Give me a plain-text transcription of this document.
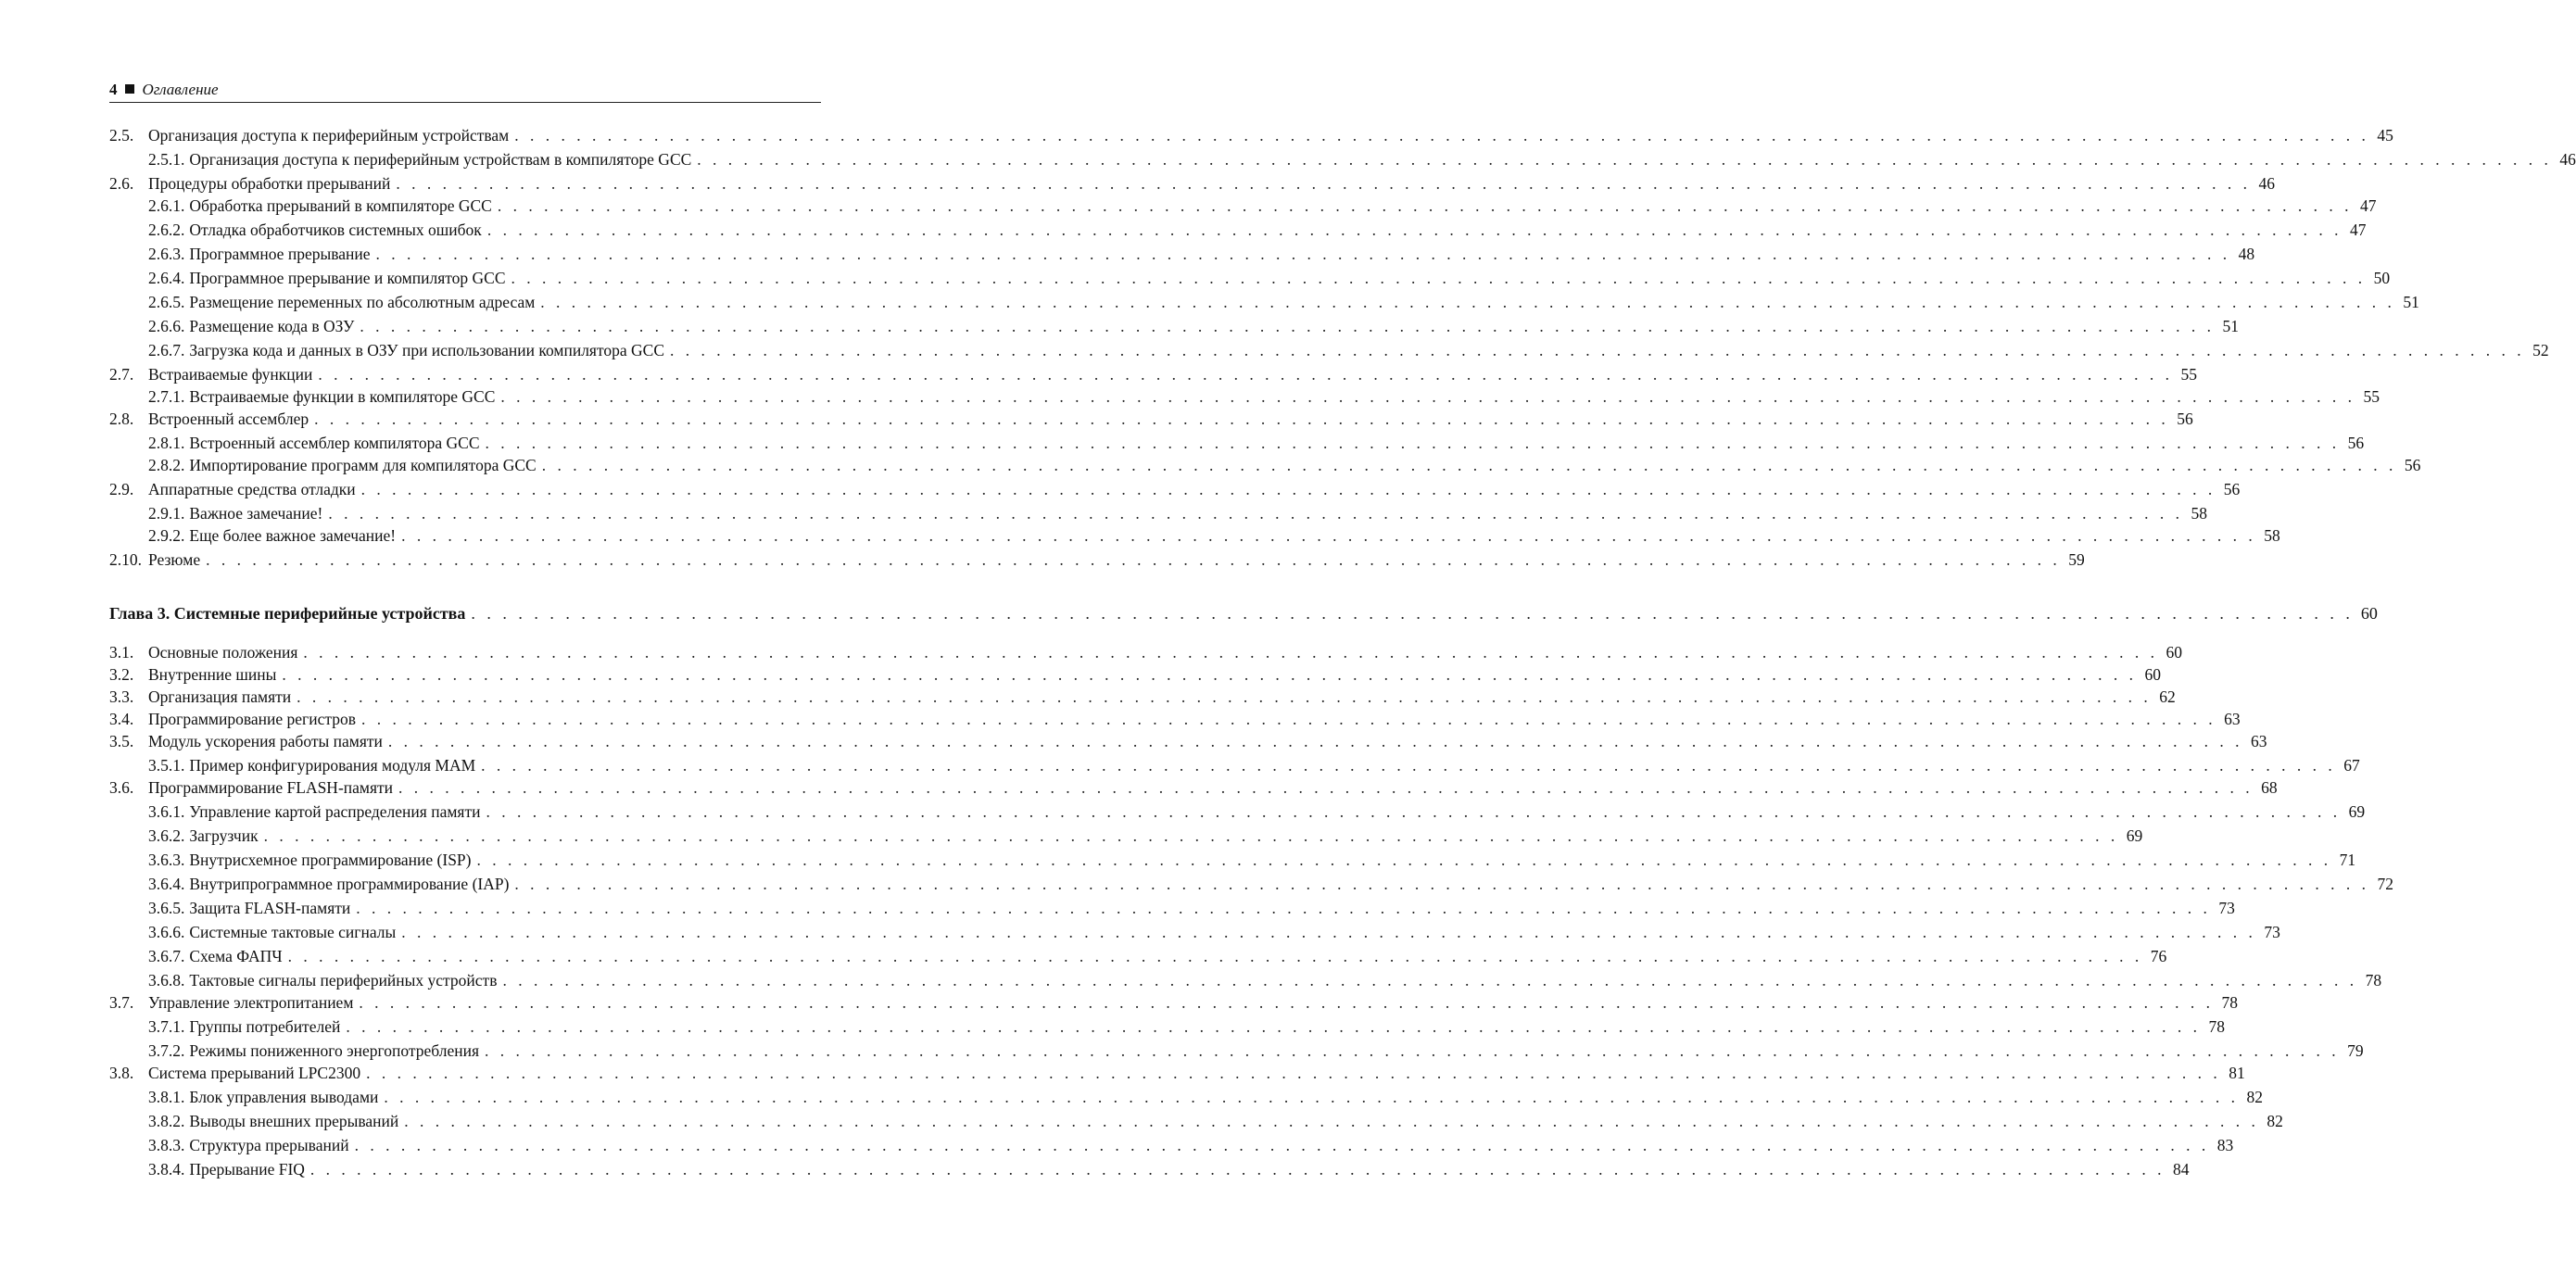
4 Оглавление
2.5. Организация доступа к периферийным устройствам . . . . . . . . . . . . . . . . . . . . . . . . . . . . . . . . . . . . . . . . . . . . . . . . . . . . . . . . . . . . . . . . . . . . . . . . . . . . . . . . . . . . . . . . . . . . . . . . . . . . . . . . . . . . . . . . . . . . . . . . 45
2.5.1. Организация доступа к периферийным устройствам в компиляторе GCC . . . . . . . . . . . . . . . . . . . . . . . . . . . . . . . . . . . . . . . . . . . . . . . . . . . . . . . . . . . . . . . . . . . . . . . . . . . . . . . . . . . . . . . . . . . . . . . . . . . . . . . . . . . . . . . . . . . . . . . . 46
2.6. Процедуры обработки прерываний . . . . . . . . . . . . . . . . . . . . . . . . . . . . . . . . . . . . . . . . . . . . . . . . . . . . . . . . . . . . . . . . . . . . . . . . . . . . . . . . . . . . . . . . . . . . . . . . . . . . . . . . . . . . . . . . . . . . . . . . 46
2.6.1. Обработка прерываний в компиляторе GCC . . . . . . . . . . . . . . . . . . . . . . . . . . . . . . . . . . . . . . . . . . . . . . . . . . . . . . . . . . . . . . . . . . . . . . . . . . . . . . . . . . . . . . . . . . . . . . . . . . . . . . . . . . . . . . . . . . . . . . . . 47
2.6.2. Отладка обработчиков системных ошибок . . . . . . . . . . . . . . . . . . . . . . . . . . . . . . . . . . . . . . . . . . . . . . . . . . . . . . . . . . . . . . . . . . . . . . . . . . . . . . . . . . . . . . . . . . . . . . . . . . . . . . . . . . . . . . . . . . . . . . . . 47
2.6.3. Программное прерывание . . . . . . . . . . . . . . . . . . . . . . . . . . . . . . . . . . . . . . . . . . . . . . . . . . . . . . . . . . . . . . . . . . . . . . . . . . . . . . . . . . . . . . . . . . . . . . . . . . . . . . . . . . . . . . . . . . . . . . . . 48
2.6.4. Программное прерывание и компилятор GCC . . . . . . . . . . . . . . . . . . . . . . . . . . . . . . . . . . . . . . . . . . . . . . . . . . . . . . . . . . . . . . . . . . . . . . . . . . . . . . . . . . . . . . . . . . . . . . . . . . . . . . . . . . . . . . . . . . . . . . . . 50
2.6.5. Размещение переменных по абсолютным адресам . . . . . . . . . . . . . . . . . . . . . . . . . . . . . . . . . . . . . . . . . . . . . . . . . . . . . . . . . . . . . . . . . . . . . . . . . . . . . . . . . . . . . . . . . . . . . . . . . . . . . . . . . . . . . . . . . . . . . . . . 51
2.6.6. Размещение кода в ОЗУ . . . . . . . . . . . . . . . . . . . . . . . . . . . . . . . . . . . . . . . . . . . . . . . . . . . . . . . . . . . . . . . . . . . . . . . . . . . . . . . . . . . . . . . . . . . . . . . . . . . . . . . . . . . . . . . . . . . . . . . . 51
2.6.7. Загрузка кода и данных в ОЗУ при использовании компилятора GCC . . . . . . . . . . . . . . . . . . . . . . . . . . . . . . . . . . . . . . . . . . . . . . . . . . . . . . . . . . . . . . . . . . . . . . . . . . . . . . . . . . . . . . . . . . . . . . . . . . . . . . . . . . . . . . . . . . . . . . . . 52
2.7. Встраиваемые функции . . . . . . . . . . . . . . . . . . . . . . . . . . . . . . . . . . . . . . . . . . . . . . . . . . . . . . . . . . . . . . . . . . . . . . . . . . . . . . . . . . . . . . . . . . . . . . . . . . . . . . . . . . . . . . . . . . . . . . . . 55
2.7.1. Встраиваемые функции в компиляторе GCC . . . . . . . . . . . . . . . . . . . . . . . . . . . . . . . . . . . . . . . . . . . . . . . . . . . . . . . . . . . . . . . . . . . . . . . . . . . . . . . . . . . . . . . . . . . . . . . . . . . . . . . . . . . . . . . . . . . . . . . . 55
2.8. Встроенный ассемблер . . . . . . . . . . . . . . . . . . . . . . . . . . . . . . . . . . . . . . . . . . . . . . . . . . . . . . . . . . . . . . . . . . . . . . . . . . . . . . . . . . . . . . . . . . . . . . . . . . . . . . . . . . . . . . . . . . . . . . . . 56
2.8.1. Встроенный ассемблер компилятора GCC . . . . . . . . . . . . . . . . . . . . . . . . . . . . . . . . . . . . . . . . . . . . . . . . . . . . . . . . . . . . . . . . . . . . . . . . . . . . . . . . . . . . . . . . . . . . . . . . . . . . . . . . . . . . . . . . . . . . . . . . 56
2.8.2. Импортирование программ для компилятора GCC . . . . . . . . . . . . . . . . . . . . . . . . . . . . . . . . . . . . . . . . . . . . . . . . . . . . . . . . . . . . . . . . . . . . . . . . . . . . . . . . . . . . . . . . . . . . . . . . . . . . . . . . . . . . . . . . . . . . . . . . 56
2.9. Аппаратные средства отладки . . . . . . . . . . . . . . . . . . . . . . . . . . . . . . . . . . . . . . . . . . . . . . . . . . . . . . . . . . . . . . . . . . . . . . . . . . . . . . . . . . . . . . . . . . . . . . . . . . . . . . . . . . . . . . . . . . . . . . . . 56
2.9.1. Важное замечание! . . . . . . . . . . . . . . . . . . . . . . . . . . . . . . . . . . . . . . . . . . . . . . . . . . . . . . . . . . . . . . . . . . . . . . . . . . . . . . . . . . . . . . . . . . . . . . . . . . . . . . . . . . . . . . . . . . . . . . . . 58
2.9.2. Еще более важное замечание! . . . . . . . . . . . . . . . . . . . . . . . . . . . . . . . . . . . . . . . . . . . . . . . . . . . . . . . . . . . . . . . . . . . . . . . . . . . . . . . . . . . . . . . . . . . . . . . . . . . . . . . . . . . . . . . . . . . . . . . . 58
2.10. Резюме . . . . . . . . . . . . . . . . . . . . . . . . . . . . . . . . . . . . . . . . . . . . . . . . . . . . . . . . . . . . . . . . . . . . . . . . . . . . . . . . . . . . . . . . . . . . . . . . . . . . . . . . . . . . . . . . . . . . . . . . 59
Глава 3. Системные периферийные устройства . . . . . . . . . . . . . . . . . . . . . . . . . . . . . . . . . . . . . . . . . . . . . . . . . . . . . . . . . . . . . . . . . . . . . . . . . . . . . . . . . . . . . . . . . . . . . . . . . . . . . . . . . . . . . . . . . . . . . . . . 60
3.1. Основные положения . . . . . . . . . . . . . . . . . . . . . . . . . . . . . . . . . . . . . . . . . . . . . . . . . . . . . . . . . . . . . . . . . . . . . . . . . . . . . . . . . . . . . . . . . . . . . . . . . . . . . . . . . . . . . . . . . . . . . . . . 60
3.2. Внутренние шины . . . . . . . . . . . . . . . . . . . . . . . . . . . . . . . . . . . . . . . . . . . . . . . . . . . . . . . . . . . . . . . . . . . . . . . . . . . . . . . . . . . . . . . . . . . . . . . . . . . . . . . . . . . . . . . . . . . . . . . . 60
3.3. Организация памяти . . . . . . . . . . . . . . . . . . . . . . . . . . . . . . . . . . . . . . . . . . . . . . . . . . . . . . . . . . . . . . . . . . . . . . . . . . . . . . . . . . . . . . . . . . . . . . . . . . . . . . . . . . . . . . . . . . . . . . . . 62
3.4. Программирование регистров . . . . . . . . . . . . . . . . . . . . . . . . . . . . . . . . . . . . . . . . . . . . . . . . . . . . . . . . . . . . . . . . . . . . . . . . . . . . . . . . . . . . . . . . . . . . . . . . . . . . . . . . . . . . . . . . . . . . . . . . 63
3.5. Модуль ускорения работы памяти . . . . . . . . . . . . . . . . . . . . . . . . . . . . . . . . . . . . . . . . . . . . . . . . . . . . . . . . . . . . . . . . . . . . . . . . . . . . . . . . . . . . . . . . . . . . . . . . . . . . . . . . . . . . . . . . . . . . . . . . 63
3.5.1. Пример конфигурирования модуля МАМ . . . . . . . . . . . . . . . . . . . . . . . . . . . . . . . . . . . . . . . . . . . . . . . . . . . . . . . . . . . . . . . . . . . . . . . . . . . . . . . . . . . . . . . . . . . . . . . . . . . . . . . . . . . . . . . . . . . . . . . . 67
3.6. Программирование FLASH-памяти . . . . . . . . . . . . . . . . . . . . . . . . . . . . . . . . . . . . . . . . . . . . . . . . . . . . . . . . . . . . . . . . . . . . . . . . . . . . . . . . . . . . . . . . . . . . . . . . . . . . . . . . . . . . . . . . . . . . . . . . 68
3.6.1. Управление картой распределения памяти . . . . . . . . . . . . . . . . . . . . . . . . . . . . . . . . . . . . . . . . . . . . . . . . . . . . . . . . . . . . . . . . . . . . . . . . . . . . . . . . . . . . . . . . . . . . . . . . . . . . . . . . . . . . . . . . . . . . . . . . 69
3.6.2. Загрузчик . . . . . . . . . . . . . . . . . . . . . . . . . . . . . . . . . . . . . . . . . . . . . . . . . . . . . . . . . . . . . . . . . . . . . . . . . . . . . . . . . . . . . . . . . . . . . . . . . . . . . . . . . . . . . . . . . . . . . . . . 69
3.6.3. Внутрисхемное программирование (ISP) . . . . . . . . . . . . . . . . . . . . . . . . . . . . . . . . . . . . . . . . . . . . . . . . . . . . . . . . . . . . . . . . . . . . . . . . . . . . . . . . . . . . . . . . . . . . . . . . . . . . . . . . . . . . . . . . . . . . . . . . 71
3.6.4. Внутрипрограммное программирование (IAP) . . . . . . . . . . . . . . . . . . . . . . . . . . . . . . . . . . . . . . . . . . . . . . . . . . . . . . . . . . . . . . . . . . . . . . . . . . . . . . . . . . . . . . . . . . . . . . . . . . . . . . . . . . . . . . . . . . . . . . . . 72
3.6.5. Защита FLASH-памяти . . . . . . . . . . . . . . . . . . . . . . . . . . . . . . . . . . . . . . . . . . . . . . . . . . . . . . . . . . . . . . . . . . . . . . . . . . . . . . . . . . . . . . . . . . . . . . . . . . . . . . . . . . . . . . . . . . . . . . . . 73
3.6.6. Системные тактовые сигналы . . . . . . . . . . . . . . . . . . . . . . . . . . . . . . . . . . . . . . . . . . . . . . . . . . . . . . . . . . . . . . . . . . . . . . . . . . . . . . . . . . . . . . . . . . . . . . . . . . . . . . . . . . . . . . . . . . . . . . . . 73
3.6.7. Схема ФАПЧ . . . . . . . . . . . . . . . . . . . . . . . . . . . . . . . . . . . . . . . . . . . . . . . . . . . . . . . . . . . . . . . . . . . . . . . . . . . . . . . . . . . . . . . . . . . . . . . . . . . . . . . . . . . . . . . . . . . . . . . . 76
3.6.8. Тактовые сигналы периферийных устройств . . . . . . . . . . . . . . . . . . . . . . . . . . . . . . . . . . . . . . . . . . . . . . . . . . . . . . . . . . . . . . . . . . . . . . . . . . . . . . . . . . . . . . . . . . . . . . . . . . . . . . . . . . . . . . . . . . . . . . . . 78
3.7. Управление электропитанием . . . . . . . . . . . . . . . . . . . . . . . . . . . . . . . . . . . . . . . . . . . . . . . . . . . . . . . . . . . . . . . . . . . . . . . . . . . . . . . . . . . . . . . . . . . . . . . . . . . . . . . . . . . . . . . . . . . . . . . . 78
3.7.1. Группы потребителей . . . . . . . . . . . . . . . . . . . . . . . . . . . . . . . . . . . . . . . . . . . . . . . . . . . . . . . . . . . . . . . . . . . . . . . . . . . . . . . . . . . . . . . . . . . . . . . . . . . . . . . . . . . . . . . . . . . . . . . . 78
3.7.2. Режимы пониженного энергопотребления . . . . . . . . . . . . . . . . . . . . . . . . . . . . . . . . . . . . . . . . . . . . . . . . . . . . . . . . . . . . . . . . . . . . . . . . . . . . . . . . . . . . . . . . . . . . . . . . . . . . . . . . . . . . . . . . . . . . . . . . 79
3.8. Система прерываний LPC2300 . . . . . . . . . . . . . . . . . . . . . . . . . . . . . . . . . . . . . . . . . . . . . . . . . . . . . . . . . . . . . . . . . . . . . . . . . . . . . . . . . . . . . . . . . . . . . . . . . . . . . . . . . . . . . . . . . . . . . . . . 81
3.8.1. Блок управления выводами . . . . . . . . . . . . . . . . . . . . . . . . . . . . . . . . . . . . . . . . . . . . . . . . . . . . . . . . . . . . . . . . . . . . . . . . . . . . . . . . . . . . . . . . . . . . . . . . . . . . . . . . . . . . . . . . . . . . . . . . 82
3.8.2. Выводы внешних прерываний . . . . . . . . . . . . . . . . . . . . . . . . . . . . . . . . . . . . . . . . . . . . . . . . . . . . . . . . . . . . . . . . . . . . . . . . . . . . . . . . . . . . . . . . . . . . . . . . . . . . . . . . . . . . . . . . . . . . . . . . 82
3.8.3. Структура прерываний . . . . . . . . . . . . . . . . . . . . . . . . . . . . . . . . . . . . . . . . . . . . . . . . . . . . . . . . . . . . . . . . . . . . . . . . . . . . . . . . . . . . . . . . . . . . . . . . . . . . . . . . . . . . . . . . . . . . . . . . 83
3.8.4. Прерывание FIQ . . . . . . . . . . . . . . . . . . . . . . . . . . . . . . . . . . . . . . . . . . . . . . . . . . . . . . . . . . . . . . . . . . . . . . . . . . . . . . . . . . . . . . . . . . . . . . . . . . . . . . . . . . . . . . . . . . . . . . . . 84
